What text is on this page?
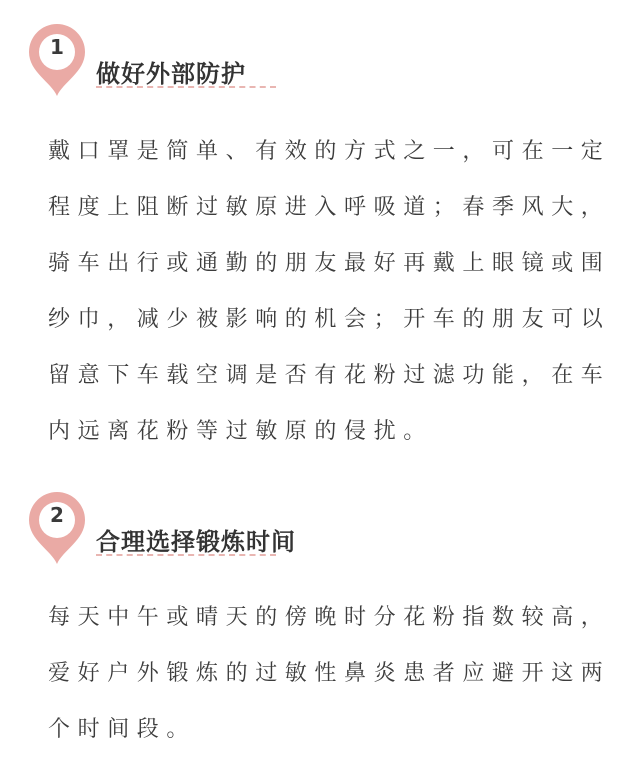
1
做好外部防护
戴口罩是简单、有效的方式之一，可在一定
程度上阻断过敏原进入呼吸道；春季风大，
骑车出行或通勤的朋友最好再戴上眼镜或围
纱巾，减少被影响的机会；开车的朋友可以
留意下车载空调是否有花粉过滤功能，在车
内远离花粉等过敏原的侵扰。
2
合理选择锻炼时间
每天中午或晴天的傍晚时分花粉指数较高，
爱好户外锻炼的过敏性鼻炎患者应避开这两
个时间段。
